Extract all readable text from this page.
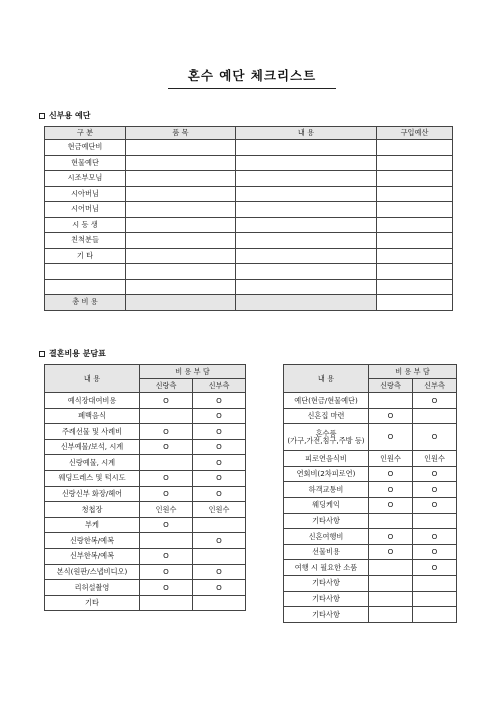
혼수 예단 체크리스트
신부용 예단
구 분	품 목	내 용	구입예산
현금예단비			
현물예단			
시조부모님			
시아버님			
시어머님			
시 동 생			
친척분들			
기 타			

총 비 용			
결혼비용 분담표
내 용	비 용 부 담	
	신랑측	신부측
예식장대여비용	O	O
폐백음식		O
주례선물 및 사례비	O	O
신부예물/보석, 시계	O	O
신랑예물, 시계		O
웨딩드레스 및 턱시도	O	O
신랑신부 화장/헤어	O	O
청첩장	인원수	인원수
부케	O	
신랑한복/예복		O
신부한복/예복	O	
본식(원판/스냅비디오)	O	O
리허설촬영	O	O
기타		
내 용	비 용 부 담	
	신랑측	신부측
예단(현금/현물예단)		O
신혼집 마련	O	
혼수품
(가구,가전,침구,주방 등)	O	O
피로연음식비	인원수	인원수
연회비(2차피로연)	O	O
하객교통비	O	O
웨딩케익	O	O
기타사항		
신혼여행비	O	O
선물비용	O	O
여행 시 필요한 소품		O
기타사항		
기타사항		
기타사항		
